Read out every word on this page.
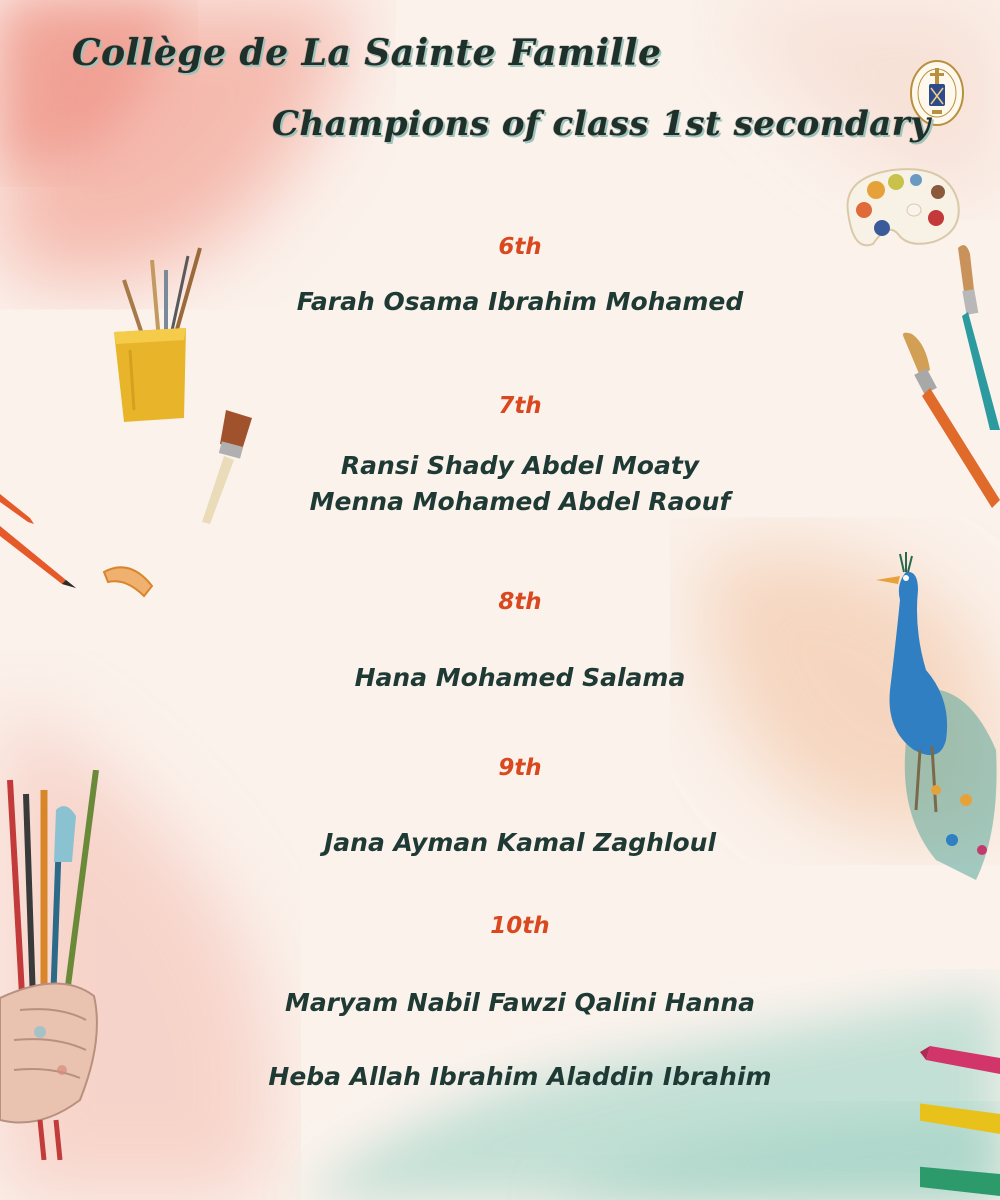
Collège de La Sainte Famille
Champions of class 1st secondary
6th
Farah Osama Ibrahim Mohamed
7th
Ransi Shady Abdel Moaty
Menna Mohamed Abdel Raouf
8th
Hana Mohamed Salama
9th
Jana Ayman Kamal Zaghloul
10th
Maryam Nabil Fawzi Qalini Hanna
Heba Allah Ibrahim Aladdin Ibrahim
